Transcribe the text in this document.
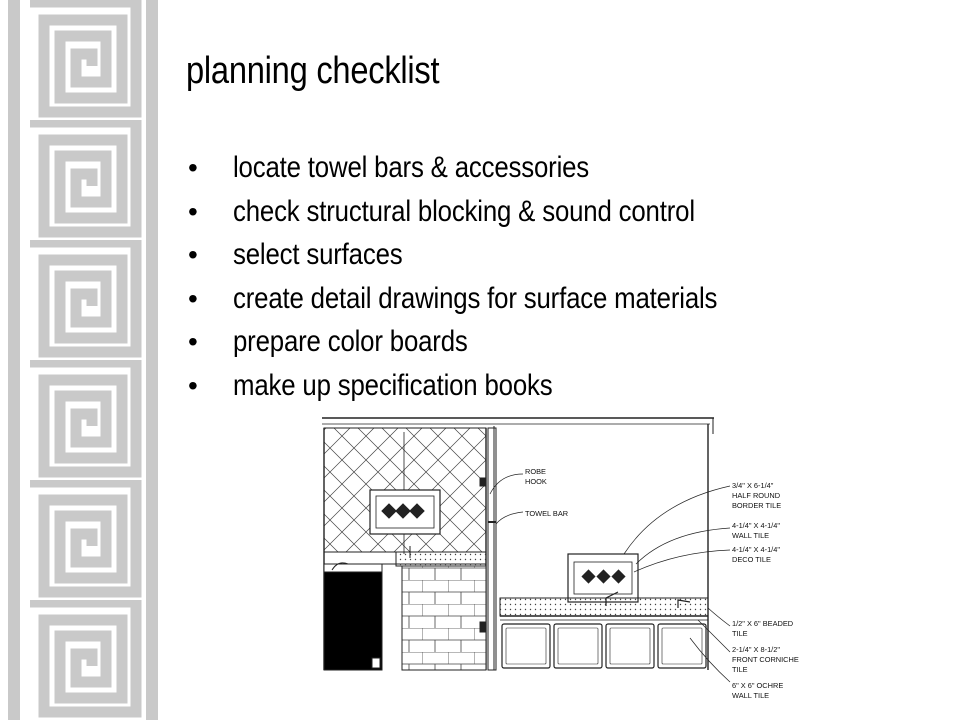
planning checklist
• locate towel bars & accessories
• check structural blocking & sound control
• select surfaces
• create detail drawings for surface materials
• prepare color boards
• make up specification books
ROBE
HOOK
TOWEL BAR
3/4" X 6-1/4"
HALF ROUND
BORDER TILE
4-1/4" X 4-1/4"
WALL TILE
4-1/4" X 4-1/4"
DECO TILE
1/2" X 6" BEADED
TILE
2-1/4" X 8-1/2"
FRONT CORNICHE
TILE
6" X 6" OCHRE
WALL TILE
